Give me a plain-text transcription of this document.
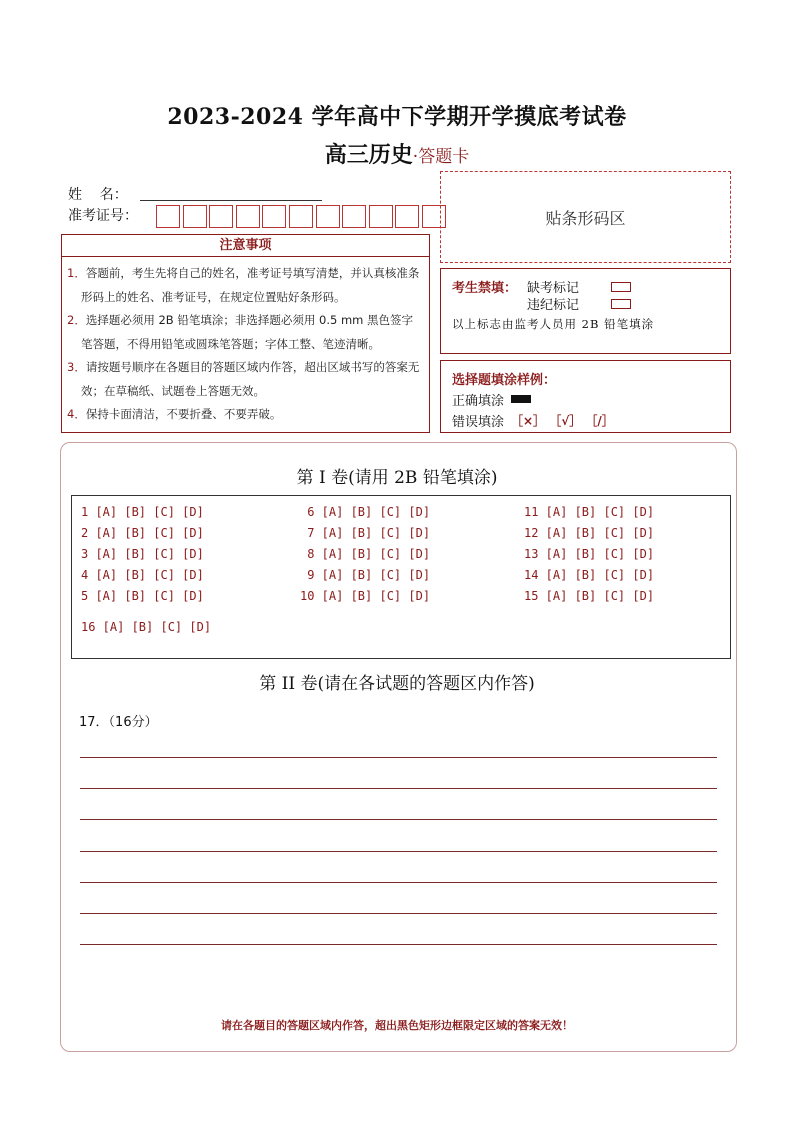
2023-2024 学年高中下学期开学摸底考试卷
高三历史·答题卡
姓    名：
准考证号：	贴条形码区
注意事项
1．答题前，考生先将自己的姓名，准考证号填写清楚，并认真核准条形码上的姓名、准考证号，在规定位置贴好条形码。
2．选择题必须用 2B 铅笔填涂；非选择题必须用 0.5 mm 黑色签字笔答题，不得用铅笔或圆珠笔答题；字体工整、笔迹清晰。
3．请按题号顺序在各题目的答题区域内作答，超出区域书写的答案无效；在草稿纸、试题卷上答题无效。
4．保持卡面清洁，不要折叠、不要弄破。
考生禁填： 缺考标记
违纪标记
以上标志由监考人员用 2B 铅笔填涂
选择题填涂样例：
正确填涂
错误填涂 ［×］ ［√］ ［/］
第 I 卷(请用 2B 铅笔填涂)
1 [A] [B] [C] [D]
2 [A] [B] [C] [D]
3 [A] [B] [C] [D]
4 [A] [B] [C] [D]
5 [A] [B] [C] [D]
6 [A] [B] [C] [D]
7 [A] [B] [C] [D]
8 [A] [B] [C] [D]
9 [A] [B] [C] [D]
10 [A] [B] [C] [D]
11 [A] [B] [C] [D]
12 [A] [B] [C] [D]
13 [A] [B] [C] [D]
14 [A] [B] [C] [D]
15 [A] [B] [C] [D]
16 [A] [B] [C] [D]
第 II 卷(请在各试题的答题区内作答)
17．（16分）
请在各题目的答题区域内作答，超出黑色矩形边框限定区域的答案无效！
